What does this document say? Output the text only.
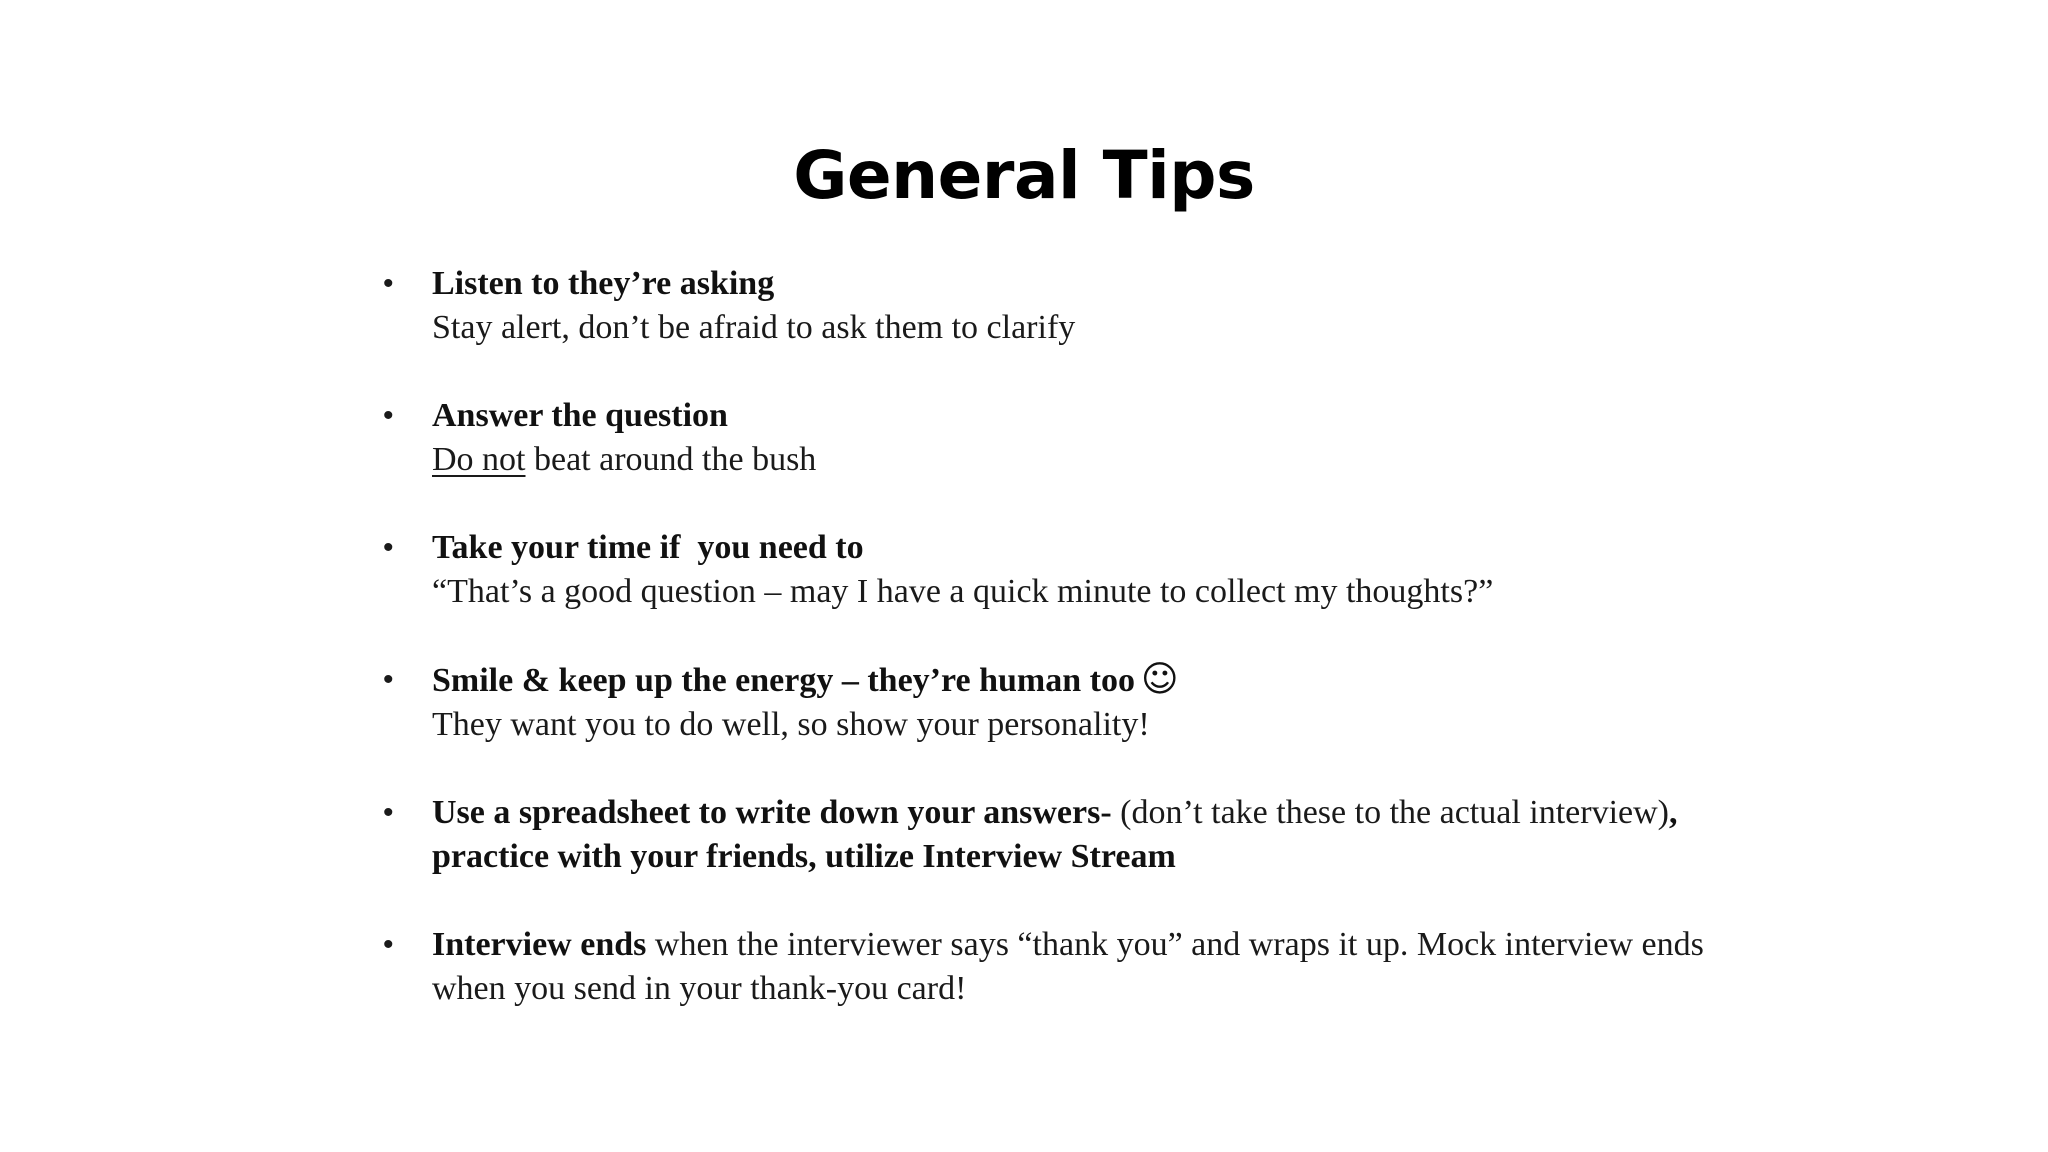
General Tips
• Listen to they’re asking
Stay alert, don’t be afraid to ask them to clarify
• Answer the question
Do not beat around the bush
• Take your time if  you need to
“That’s a good question – may I have a quick minute to collect my thoughts?”
• Smile & keep up the energy – they’re human too ☺
They want you to do well, so show your personality!
• Use a spreadsheet to write down your answers- (don’t take these to the actual interview),
practice with your friends, utilize Interview Stream
• Interview ends when the interviewer says “thank you” and wraps it up. Mock interview ends
when you send in your thank-you card!
